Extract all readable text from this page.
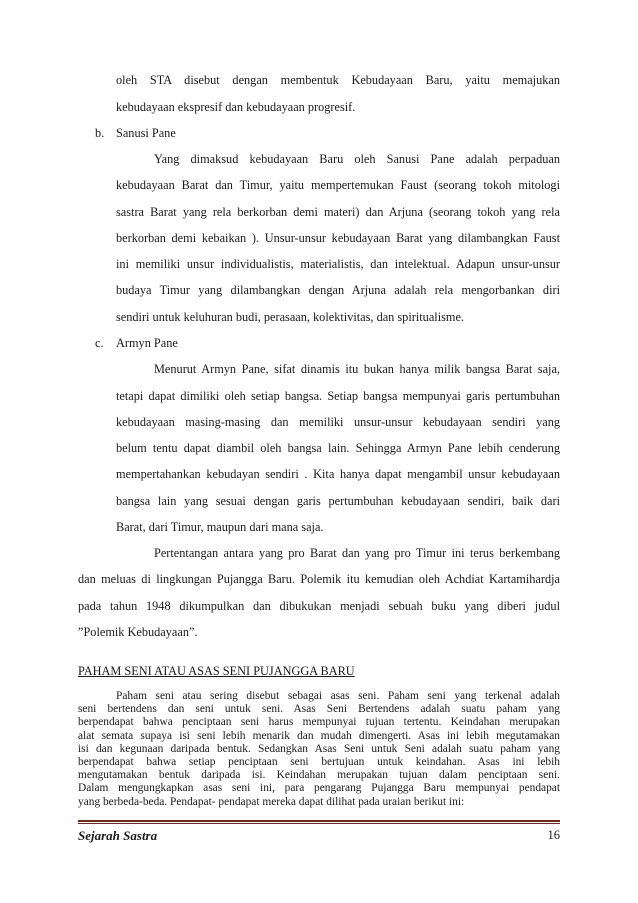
oleh STA disebut dengan membentuk Kebudayaan Baru, yaitu memajukan
kebudayaan ekspresif dan kebudayaan progresif.
b. Sanusi Pane
Yang dimaksud kebudayaan Baru oleh Sanusi Pane adalah perpaduan
kebudayaan Barat dan Timur, yaitu mempertemukan Faust (seorang tokoh mitologi
sastra Barat yang rela berkorban demi materi) dan Arjuna (seorang tokoh yang rela
berkorban demi kebaikan ). Unsur-unsur kebudayaan Barat yang dilambangkan Faust
ini memiliki unsur individualistis, materialistis, dan intelektual. Adapun unsur-unsur
budaya Timur yang dilambangkan dengan Arjuna adalah rela mengorbankan diri
sendiri untuk keluhuran budi, perasaan, kolektivitas, dan spiritualisme.
c. Armyn Pane
Menurut Armyn Pane, sifat dinamis itu bukan hanya milik bangsa Barat saja,
tetapi dapat dimiliki oleh setiap bangsa. Setiap bangsa mempunyai garis pertumbuhan
kebudayaan masing-masing dan memiliki unsur-unsur kebudayaan sendiri yang
belum tentu dapat diambil oleh bangsa lain. Sehingga Armyn Pane lebih cenderung
mempertahankan kebudayan sendiri . Kita hanya dapat mengambil unsur kebudayaan
bangsa lain yang sesuai dengan garis pertumbuhan kebudayaan sendiri, baik dari
Barat, dari Timur, maupun dari mana saja.
Pertentangan antara yang pro Barat dan yang pro Timur ini terus berkembang
dan meluas di lingkungan Pujangga Baru. Polemik itu kemudian oleh Achdiat Kartamihardja
pada tahun 1948 dikumpulkan dan dibukukan menjadi sebuah buku yang diberi judul
”Polemik Kebudayaan”.
PAHAM SENI ATAU ASAS SENI PUJANGGA BARU
Paham seni atau sering disebut sebagai asas seni. Paham seni yang terkenal adalah
seni bertendens dan seni untuk seni. Asas Seni Bertendens adalah suatu paham yang
berpendapat bahwa penciptaan seni harus mempunyai tujuan tertentu. Keindahan merupakan
alat semata supaya isi seni lebih menarik dan mudah dimengerti. Asas ini lebih megutamakan
isi dan kegunaan daripada bentuk. Sedangkan Asas Seni untuk Seni adalah suatu paham yang
berpendapat bahwa setiap penciptaan seni bertujuan untuk keindahan. Asas ini lebih
mengutamakan bentuk daripada isi. Keindahan merupakan tujuan dalam penciptaan seni.
Dalam mengungkapkan asas seni ini, para pengarang Pujangga Baru mempunyai pendapat
yang berbeda-beda. Pendapat- pendapat mereka dapat dilihat pada uraian berikut ini:
Sejarah Sastra	16
